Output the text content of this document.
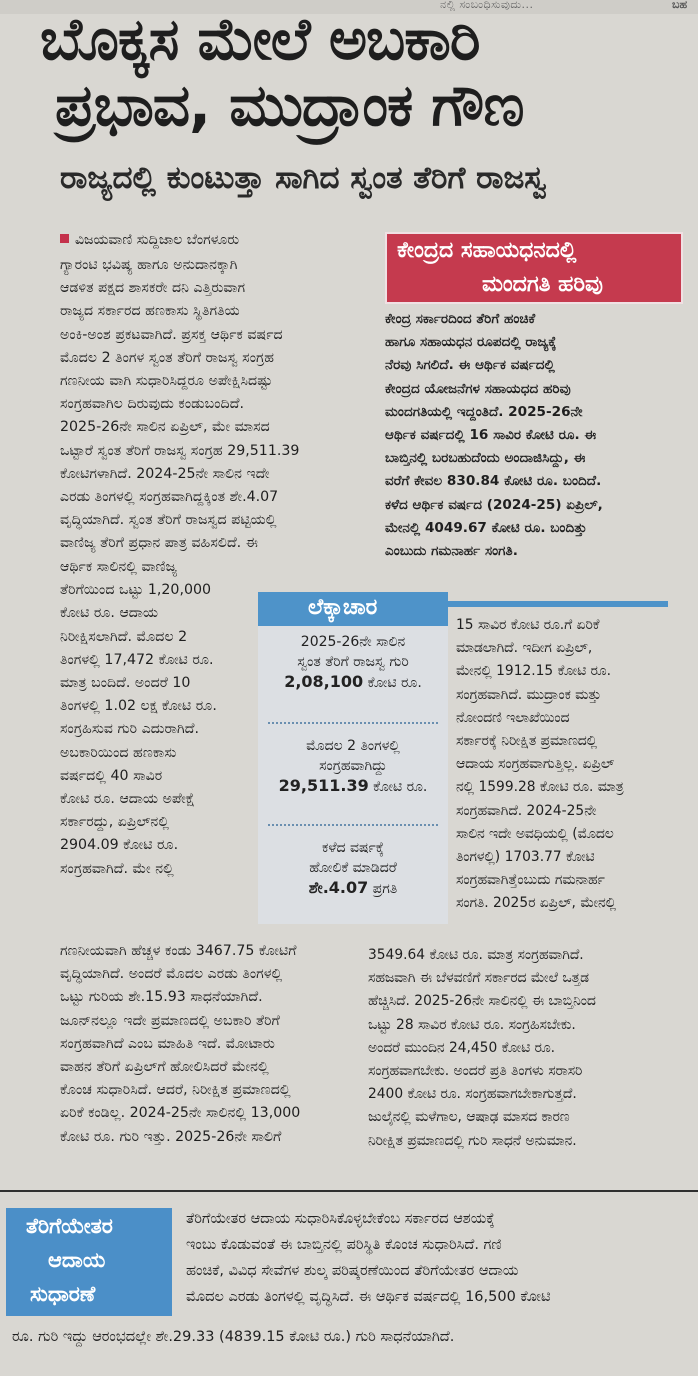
ನಲ್ಲಿ ಸಂಬಂಧಿಸುವುದು...	ಬಹ
ಬೊಕ್ಕಸ ಮೇಲೆ ಅಬಕಾರಿ
ಪ್ರಭಾವ, ಮುದ್ರಾಂಕ ಗೌಣ
ರಾಜ್ಯದಲ್ಲಿ ಕುಂಟುತ್ತಾ ಸಾಗಿದ ಸ್ವಂತ ತೆರಿಗೆ ರಾಜಸ್ವ
ವಿಜಯವಾಣಿ ಸುದ್ದಿಜಾಲ ಬೆಂಗಳೂರು

ಗ್ಯಾರಂಟಿ ಭವಿಷ್ಯ ಹಾಗೂ ಅನುದಾನಕ್ಕಾಗಿ

ಆಡಳಿತ ಪಕ್ಷದ ಶಾಸಕರೇ ದನಿ ಎತ್ತಿರುವಾಗ

ರಾಜ್ಯದ ಸರ್ಕಾರದ ಹಣಕಾಸು ಸ್ಥಿತಿಗತಿಯ

ಅಂಕಿ-ಅಂಶ ಪ್ರಕಟವಾಗಿದೆ. ಪ್ರಸಕ್ತ ಆರ್ಥಿಕ ವರ್ಷದ

ಮೊದಲ 2 ತಿಂಗಳ ಸ್ವಂತ ತೆರಿಗೆ ರಾಜಸ್ವ ಸಂಗ್ರಹ

ಗಣನೀಯ ವಾಗಿ ಸುಧಾರಿಸಿದ್ದರೂ ಅಪೇಕ್ಷಿಸಿದಷ್ಟು

ಸಂಗ್ರಹವಾಗಿಲ ದಿರುವುದು ಕಂಡುಬಂದಿದೆ.

2025-26ನೇ ಸಾಲಿನ ಏಪ್ರಿಲ್, ಮೇ ಮಾಸದ

ಒಟ್ಟಾರೆ ಸ್ವಂತ ತೆರಿಗೆ ರಾಜಸ್ವ ಸಂಗ್ರಹ 29,511.39

ಕೋಟಿಗಳಾಗಿದೆ. 2024-25ನೇ ಸಾಲಿನ ಇದೇ

ಎರಡು ತಿಂಗಳಲ್ಲಿ ಸಂಗ್ರಹವಾಗಿದ್ದಕ್ಕಿಂತ ಶೇ.4.07

ವೃದ್ಧಿಯಾಗಿದೆ. ಸ್ವಂತ ತೆರಿಗೆ ರಾಜಸ್ವದ ಪಟ್ಟಿಯಲ್ಲಿ

ವಾಣಿಜ್ಯ ತೆರಿಗೆ ಪ್ರಧಾನ ಪಾತ್ರ ವಹಿಸಲಿದೆ. ಈ

ಆರ್ಥಿಕ ಸಾಲಿನಲ್ಲಿ ವಾಣಿಜ್ಯ

ತೆರಿಗೆಯಿಂದ ಒಟ್ಟು 1,20,000

ಕೋಟಿ ರೂ. ಆದಾಯ

ನಿರೀಕ್ಷಿಸಲಾಗಿದೆ. ಮೊದಲ 2

ತಿಂಗಳಲ್ಲಿ 17,472 ಕೋಟಿ ರೂ.

ಮಾತ್ರ ಬಂದಿದೆ. ಅಂದರೆ 10

ತಿಂಗಳಲ್ಲಿ 1.02 ಲಕ್ಷ ಕೋಟಿ ರೂ.

ಸಂಗ್ರಹಿಸುವ ಗುರಿ ಎದುರಾಗಿದೆ.

ಅಬಕಾರಿಯಿಂದ ಹಣಕಾಸು

ವರ್ಷದಲ್ಲಿ 40 ಸಾವಿರ

ಕೋಟಿ ರೂ. ಆದಾಯ ಅಪೇಕ್ಷೆ

ಸರ್ಕಾರದ್ದು, ಏಪ್ರಿಲ್‌ನಲ್ಲಿ

2904.09 ಕೋಟಿ ರೂ.

ಸಂಗ್ರಹವಾಗಿದೆ. ಮೇ ನಲ್ಲಿ

ಗಣನೀಯವಾಗಿ ಹೆಚ್ಚಳ ಕಂಡು 3467.75 ಕೋಟಿಗೆ

ವೃದ್ಧಿಯಾಗಿದೆ. ಅಂದರೆ ಮೊದಲ ಎರಡು ತಿಂಗಳಲ್ಲಿ

ಒಟ್ಟು ಗುರಿಯ ಶೇ.15.93 ಸಾಧನೆಯಾಗಿದೆ.

ಜೂನ್‌ನಲ್ಲೂ ಇದೇ ಪ್ರಮಾಣದಲ್ಲಿ ಅಬಕಾರಿ ತೆರಿಗೆ

ಸಂಗ್ರಹವಾಗಿದೆ ಎಂಬ ಮಾಹಿತಿ ಇದೆ. ಮೋಟಾರು

ವಾಹನ ತೆರಿಗೆ ಏಪ್ರಿಲ್‌ಗೆ ಹೋಲಿಸಿದರೆ ಮೇನಲ್ಲಿ

ಕೊಂಚ ಸುಧಾರಿಸಿದೆ. ಆದರೆ, ನಿರೀಕ್ಷಿತ ಪ್ರಮಾಣದಲ್ಲಿ

ಏರಿಕೆ ಕಂಡಿಲ್ಲ. 2024-25ನೇ ಸಾಲಿನಲ್ಲಿ 13,000

ಕೋಟಿ ರೂ. ಗುರಿ ಇತ್ತು. 2025-26ನೇ ಸಾಲಿಗೆ

ಕೇಂದ್ರದ ಸಹಾಯಧನದಲ್ಲಿ
ಮಂದಗತಿ ಹರಿವು

ಕೇಂದ್ರ ಸರ್ಕಾರದಿಂದ ತೆರಿಗೆ ಹಂಚಿಕೆ

ಹಾಗೂ ಸಹಾಯಧನ ರೂಪದಲ್ಲಿ ರಾಜ್ಯಕ್ಕೆ

ನೆರವು ಸಿಗಲಿದೆ. ಈ ಆರ್ಥಿಕ ವರ್ಷದಲ್ಲಿ

ಕೇಂದ್ರದ ಯೋಜನೆಗಳ ಸಹಾಯಧದ ಹರಿವು

ಮಂದಗತಿಯಲ್ಲಿ ಇದ್ದಂತಿದೆ. 2025-26ನೇ

ಆರ್ಥಿಕ ವರ್ಷದಲ್ಲಿ 16 ಸಾವಿರ ಕೋಟಿ ರೂ. ಈ

ಬಾಬ್ತಿನಲ್ಲಿ ಬರಬಹುದೆಂದು ಅಂದಾಜಿಸಿದ್ದು, ಈ

ವರೆಗೆ ಕೇವಲ 830.84 ಕೋಟಿ ರೂ. ಬಂದಿದೆ.

ಕಳೆದ ಆರ್ಥಿಕ ವರ್ಷದ (2024-25) ಏಪ್ರಿಲ್,

ಮೇನಲ್ಲಿ 4049.67 ಕೋಟಿ ರೂ. ಬಂದಿತ್ತು

ಎಂಬುದು ಗಮನಾರ್ಹ ಸಂಗತಿ.

ಲೆಕ್ಕಾಚಾರ
2025-26ನೇ ಸಾಲಿನ
ಸ್ವಂತ ತೆರಿಗೆ ರಾಜಸ್ವ ಗುರಿ
2,08,100 ಕೋಟಿ ರೂ.
ಮೊದಲ 2 ತಿಂಗಳಲ್ಲಿ
ಸಂಗ್ರಹವಾಗಿದ್ದು
29,511.39 ಕೋಟಿ ರೂ.
ಕಳೆದ ವರ್ಷಕ್ಕೆ
ಹೋಲಿಕೆ ಮಾಡಿದರೆ
ಶೇ.4.07 ಪ್ರಗತಿ

15 ಸಾವಿರ ಕೋಟಿ ರೂ.ಗೆ ಏರಿಕೆ

ಮಾಡಲಾಗಿದೆ. ಇದೀಗ ಏಪ್ರಿಲ್,

ಮೇನಲ್ಲಿ 1912.15 ಕೋಟಿ ರೂ.

ಸಂಗ್ರಹವಾಗಿದೆ. ಮುದ್ರಾಂಕ ಮತ್ತು

ನೋಂದಣಿ ಇಲಾಖೆಯಿಂದ

ಸರ್ಕಾರಕ್ಕೆ ನಿರೀಕ್ಷಿತ ಪ್ರಮಾಣದಲ್ಲಿ

ಆದಾಯ ಸಂಗ್ರಹವಾಗುತ್ತಿಲ್ಲ. ಏಪ್ರಿಲ್

ನಲ್ಲಿ 1599.28 ಕೋಟಿ ರೂ. ಮಾತ್ರ

ಸಂಗ್ರಹವಾಗಿದೆ. 2024-25ನೇ

ಸಾಲಿನ ಇದೇ ಅವಧಿಯಲ್ಲಿ (ಮೊದಲ

ತಿಂಗಳಲ್ಲಿ) 1703.77 ಕೋಟಿ

ಸಂಗ್ರಹವಾಗಿತ್ತೆಂಬುದು ಗಮನಾರ್ಹ

ಸಂಗತಿ. 2025ರ ಏಪ್ರಿಲ್, ಮೇನಲ್ಲಿ

3549.64 ಕೋಟಿ ರೂ. ಮಾತ್ರ ಸಂಗ್ರಹವಾಗಿದೆ.

ಸಹಜವಾಗಿ ಈ ಬೆಳವಣಿಗೆ ಸರ್ಕಾರದ ಮೇಲೆ ಒತ್ತಡ

ಹೆಚ್ಚಿಸಿದೆ. 2025-26ನೇ ಸಾಲಿನಲ್ಲಿ ಈ ಬಾಬ್ತಿನಿಂದ

ಒಟ್ಟು 28 ಸಾವಿರ ಕೋಟಿ ರೂ. ಸಂಗ್ರಹಿಸಬೇಕು.

ಅಂದರೆ ಮುಂದಿನ 24,450 ಕೋಟಿ ರೂ.

ಸಂಗ್ರಹವಾಗಬೇಕು. ಅಂದರೆ ಪ್ರತಿ ತಿಂಗಳು ಸರಾಸರಿ

2400 ಕೋಟಿ ರೂ. ಸಂಗ್ರಹವಾಗಬೇಕಾಗುತ್ತದೆ.

ಜುಲೈನಲ್ಲಿ ಮಳೆಗಾಲ, ಆಷಾಢ ಮಾಸದ ಕಾರಣ

ನಿರೀಕ್ಷಿತ ಪ್ರಮಾಣದಲ್ಲಿ ಗುರಿ ಸಾಧನೆ ಅನುಮಾನ.

ತೆರಿಗೆಯೇತರ
ಆದಾಯ
ಸುಧಾರಣೆ
ತೆರಿಗೆಯೇತರ ಆದಾಯ ಸುಧಾರಿಸಿಕೊಳ್ಳಬೇಕೆಂಬ ಸರ್ಕಾರದ ಆಶಯಕ್ಕೆ
ಇಂಬು ಕೊಡುವಂತೆ ಈ ಬಾಬ್ತಿನಲ್ಲಿ ಪರಿಸ್ಥಿತಿ ಕೊಂಚ ಸುಧಾರಿಸಿದೆ. ಗಣಿ
ಹಂಚಿಕೆ, ವಿವಿಧ ಸೇವೆಗಳ ಶುಲ್ಕ ಪರಿಷ್ಕರಣೆಯಿಂದ ತೆರಿಗೆಯೇತರ ಆದಾಯ
ಮೊದಲ ಎರಡು ತಿಂಗಳಲ್ಲಿ ವೃದ್ಧಿಸಿದೆ. ಈ ಆರ್ಥಿಕ ವರ್ಷದಲ್ಲಿ 16,500 ಕೋಟಿ
ರೂ. ಗುರಿ ಇದ್ದು ಆರಂಭದಲ್ಲೇ ಶೇ.29.33 (4839.15 ಕೋಟಿ ರೂ.) ಗುರಿ ಸಾಧನೆಯಾಗಿದೆ.
